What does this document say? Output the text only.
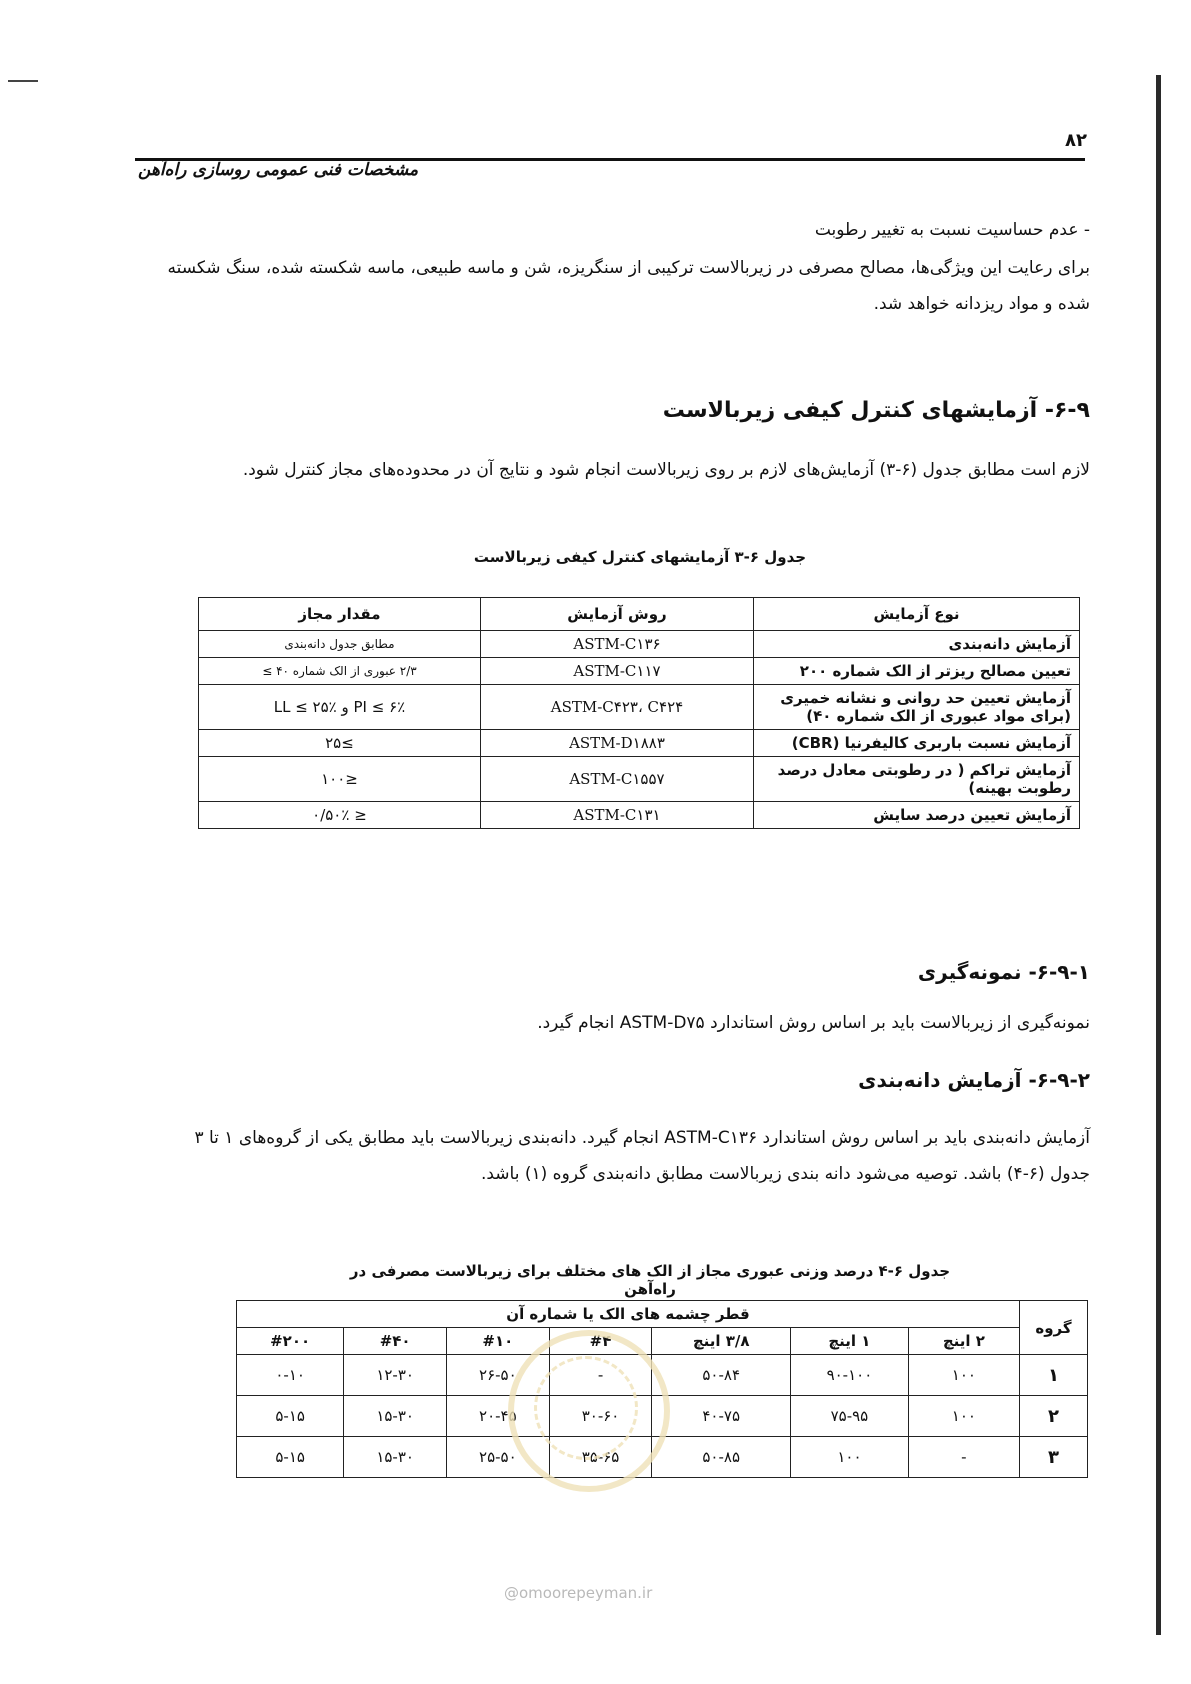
۸۲
مشخصات فنی عمومی روسازی راه‌آهن
- عدم حساسیت نسبت به تغییر رطوبت
برای رعایت این ویژگی‌ها، مصالح مصرفی در زیربالاست ترکیبی از سنگریزه، شن و ماسه طبیعی، ماسه شکسته شده، سنگ شکسته شده و مواد ریزدانه خواهد شد.
۶-۹- آزمایشهای کنترل کیفی زیربالاست
لازم است مطابق جدول (۶-۳) آزمایش‌های لازم بر روی زیربالاست انجام شود و نتایج آن در محدوده‌های مجاز کنترل شود.
جدول ۶-۳ آزمایشهای کنترل کیفی زیربالاست
نوع آزمایش	روش آزمایش	مقدار مجاز
آزمایش دانه‌بندی	ASTM-C۱۳۶	مطابق جدول دانه‌بندی
تعیین مصالح ریزتر از الک شماره ۲۰۰	ASTM-C۱۱۷	۲/۳ عبوری از الک شماره ۴۰ ≥
آزمایش تعیین حد روانی و نشانه خمیری (برای مواد عبوری از الک شماره ۴۰)	ASTM-C۴۲۳، C۴۲۴	PI ≤ ۶٪ و LL ≤ ۲۵٪
آزمایش نسبت باربری کالیفرنیا (CBR)	ASTM-D۱۸۸۳	≥۲۵
آزمایش تراکم ( در رطوبتی معادل درصد رطوبت بهینه)	ASTM-C۱۵۵۷	≤۱۰۰
آزمایش تعیین درصد سایش	ASTM-C۱۳۱	≤ ۰/۵۰٪
۶-۹-۱- نمونه‌گیری
نمونه‌گیری از زیربالاست باید بر اساس روش استاندارد ASTM-D۷۵ انجام گیرد.
۶-۹-۲- آزمایش دانه‌بندی
آزمایش دانه‌بندی باید بر اساس روش استاندارد ASTM-C۱۳۶ انجام گیرد. دانه‌بندی زیربالاست باید مطابق یکی از گروه‌های ۱ تا ۳ جدول (۶-۴) باشد. توصیه می‌شود دانه بندی زیربالاست مطابق دانه‌بندی گروه (۱) باشد.
جدول ۶-۴ درصد وزنی عبوری مجاز از الک های مختلف برای زیربالاست مصرفی در راه‌آهن
گروه	قطر چشمه های الک یا شماره آن						
	۲ اینچ	۱ اینچ	۳/۸ اینچ	#۴	#۱۰	#۴۰	#۲۰۰
۱	۱۰۰	۹۰-۱۰۰	۵۰-۸۴	-	۲۶-۵۰	۱۲-۳۰	۰-۱۰
۲	۱۰۰	۷۵-۹۵	۴۰-۷۵	۳۰-۶۰	۲۰-۴۵	۱۵-۳۰	۵-۱۵
۳	-	۱۰۰	۵۰-۸۵	۳۵-۶۵	۲۵-۵۰	۱۵-۳۰	۵-۱۵
@omoorepeyman.ir
